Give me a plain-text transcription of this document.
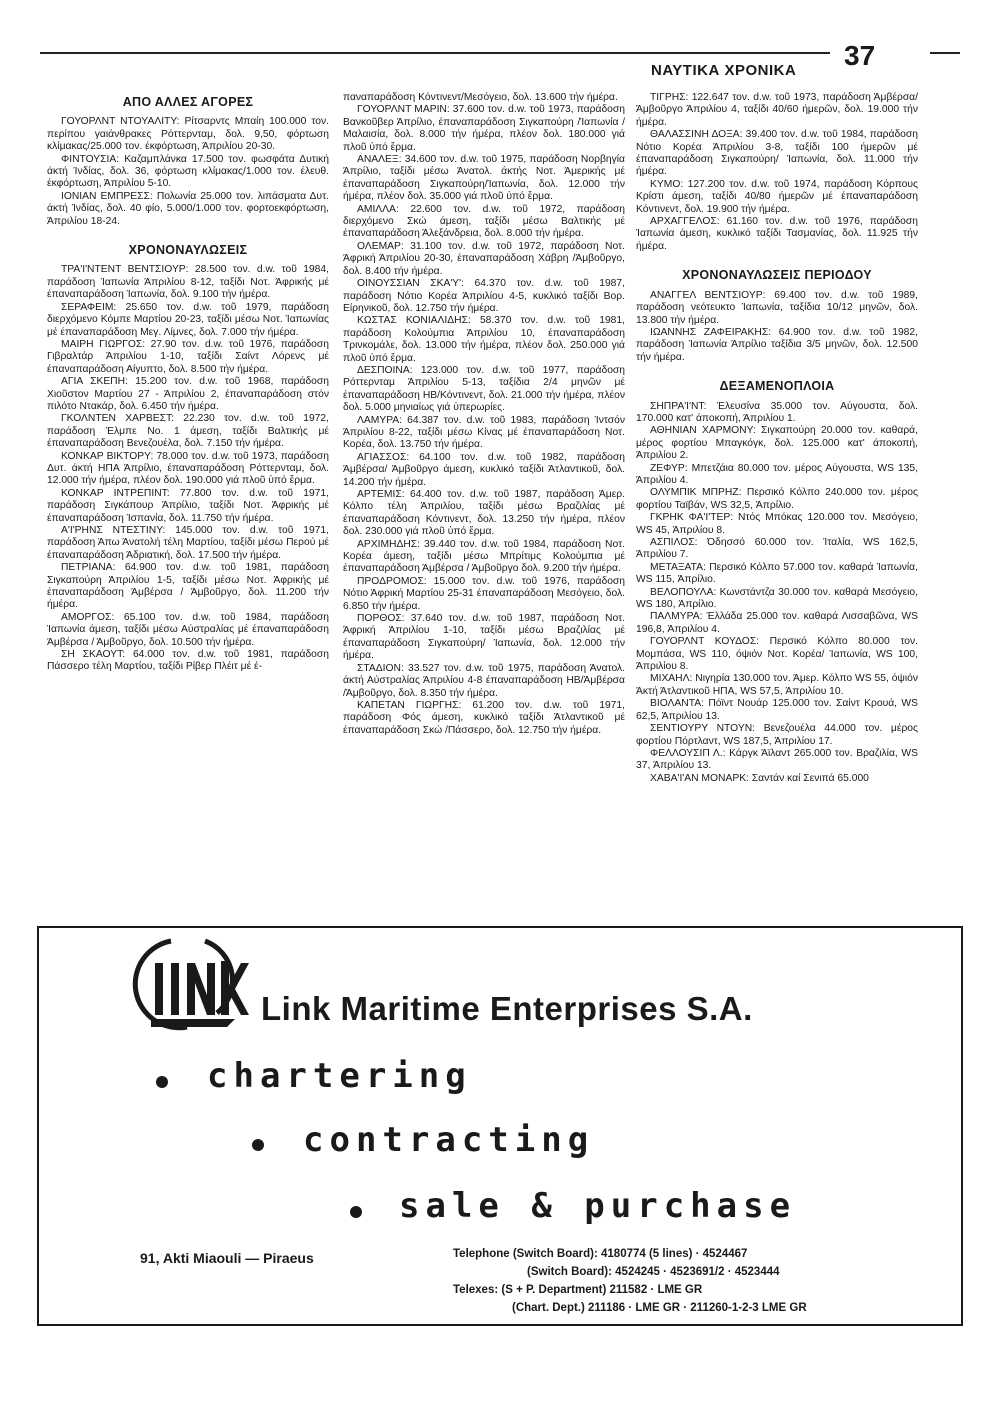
ΝΑΥΤΙΚΑ ΧΡΟΝΙΚΑ 37
ΑΠΟ ΑΛΛΕΣ ΑΓΟΡΕΣ

ΓΟΥΟΡΛΝΤ ΝΤΟΥΑΛΙΤΥ: Ρίτσαρντς Μπαίη 100.000 τον. περίπου γαιάνθρακες Ρόττερνταμ, δολ. 9,50, φόρτωση κλίμακας/25.000 τον. έκφόρτωση, Άπριλίου 20-30.

ΦΙΝΤΟΥΣΙΑ: Καζαμπλάνκα 17.500 τον. φωσφάτα Δυτική άκτή Ίνδίας, δολ. 36, φόρτωση κλίμακας/1.000 τον. έλευθ. έκφόρτωση, Άπριλίου 5-10.

ΙΟΝΙΑΝ ΕΜΠΡΕΣΣ: Πολωνία 25.000 τον. λιπάσματα Δυτ. άκτή Ίνδίας, δολ. 40 φίο, 5.000/1.000 τον. φορτοεκφόρτωση, Άπριλίου 18-24.

ΧΡΟΝΟΝΑΥΛΩΣΕΙΣ

ΤΡΑ'Ι'ΝΤΕΝΤ ΒΕΝΤΣΙΟΥΡ: 28.500 τον. d.w. τοῦ 1984, παράδοση Ίαπωνία Άπριλίου 8-12, ταξίδι Νοτ. Άφρικής μέ έπαναπαράδοση Ίαπωνία, δολ. 9.100 τήν ήμέρα.

ΣΕΡΑΦΕΙΜ: 25.650 τον. d.w. τοῦ 1979, παράδοση διερχόμενο Κόμπε Μαρτίου 20-23, ταξίδι μέσω Νοτ. Ίαπωνίας μέ έπαναπαράδοση Μεγ. Λίμνες, δολ. 7.000 τήν ήμέρα.

ΜΑΙΡΗ ΓΙΩΡΓΟΣ: 27.90 τον. d.w. τοῦ 1976, παράδοση Γιβραλτάρ Άπριλίου 1-10, ταξίδι Σαίντ Λόρενς μέ έπαναπαράδοση Αίγυπτο, δολ. 8.500 τήν ήμέρα.

ΑΓΙΑ ΣΚΕΠΗ: 15.200 τον. d.w. τοῦ 1968, παράδοση Χιοῦστον Μαρτίου 27 - Άπριλίου 2, έπαναπαράδοση στόν πιλότο Ντακάρ, δολ. 6.450 τήν ήμέρα.

ΓΚΟΛΝΤΕΝ ΧΑΡΒΕΣΤ: 22.230 τον. d.w. τοῦ 1972, παράδοση Έλμπε Νο. 1 άμεση, ταξίδι Βαλτικής μέ έπαναπαράδοση Βενεζουέλα, δολ. 7.150 τήν ήμέρα.

ΚΟΝΚΑΡ ΒΙΚΤΟΡΥ: 78.000 τον. d.w. τοῦ 1973, παράδοση Δυτ. άκτή ΗΠΑ Άπρίλιο, έπαναπαράδοση Ρόττερνταμ, δολ. 12.000 τήν ήμέρα, πλέον δολ. 190.000 γιά πλοῦ ὑπό ἔρμα.

ΚΟΝΚΑΡ ΙΝΤΡΕΠΙΝΤ: 77.800 τον. d.w. τοῦ 1971, παράδοση Σιγκάπουρ Άπρίλιο, ταξίδι Νοτ. Άφρικής μέ έπαναπαράδοση Ίσπανία, δολ. 11.750 τήν ήμέρα.

Α'Ι'ΡΗΝΣ ΝΤΕΣΤΙΝΥ: 145.000 τον. d.w. τοῦ 1971, παράδοση Άπω Άνατολή τέλη Μαρτίου, ταξίδι μέσω Περού μέ έπαναπαράδοση Άδριατική, δολ. 17.500 τήν ήμέρα.

ΠΕΤΡΙΑΝΑ: 64.900 τον. d.w. τοῦ 1981, παράδοση Σιγκαπούρη Άπριλίου 1-5, ταξίδι μέσω Νοτ. Άφρικής μέ έπαναπαράδοση Άμβέρσα / Άμβοῦργο, δολ. 11.200 τήν ήμέρα.

ΑΜΟΡΓΟΣ: 65.100 τον. d.w. τοῦ 1984, παράδοση Ίαπωνία άμεση, ταξίδι μέσω Αύστραλίας μέ έπαναπαράδοση Άμβέρσα / Άμβοῦργο, δολ. 10.500 τήν ήμέρα.

ΣΗ ΣΚΑΟΥΤ: 64.000 τον. d.w. τοῦ 1981, παράδοση Πάσσερο τέλη Μαρτίου, ταξίδι Ρίβερ Πλέιτ μέ έ-

παναπαράδοση Κόντινεντ/Μεσόγειο, δολ. 13.600 τήν ήμέρα.

ΓΟΥΟΡΛΝΤ ΜΑΡΙΝ: 37.600 τον. d.w. τοῦ 1973, παράδοση Βανκοῦβερ Άπρίλιο, έπαναπαράδοση Σιγκαπούρη /Ίαπωνία / Μαλαισία, δολ. 8.000 τήν ήμέρα, πλέον δολ. 180.000 γιά πλοῦ ὑπό ἔρμα.

ΑΝΑΛΕΞ: 34.600 τον. d.w. τοῦ 1975, παράδοση Νορβηγία Άπρίλιο, ταξίδι μέσω Άνατολ. άκτής Νοτ. Άμερικής μέ έπαναπαράδοση Σιγκαπούρη/Ίαπωνία, δολ. 12.000 τήν ήμέρα, πλέον δολ. 35.000 γιά πλοῦ ὑπό ἔρμα.

ΑΜΙΛΛΑ: 22.600 τον. d.w. τοῦ 1972, παράδοση διερχόμενο Σκώ άμεση, ταξίδι μέσω Βαλτικής μέ έπαναπαράδοση Άλεξάνδρεια, δολ. 8.000 τήν ήμέρα.

ΟΛΕΜΑΡ: 31.100 τον. d.w. τοῦ 1972, παράδοση Νοτ. Άφρική Άπριλίου 20-30, έπαναπαράδοση Χάβρη /Άμβοῦργο, δολ. 8.400 τήν ήμέρα.

ΟΙΝΟΥΣΣΙΑΝ ΣΚΑ'Υ': 64.370 τον. d.w. τοῦ 1987, παράδοση Νότιο Κορέα Άπριλίου 4-5, κυκλικό ταξίδι Βορ. Είρηνικοῦ, δολ. 12.750 τήν ήμέρα.

ΚΩΣΤΑΣ ΚΟΝΙΑΛΙΔΗΣ: 58.370 τον. d.w. τοῦ 1981, παράδοση Κολούμπια Άπριλίου 10, έπαναπαράδοση Τρινκομάλε, δολ. 13.000 τήν ήμέρα, πλέον δολ. 250.000 γιά πλοῦ ὑπό ἔρμα.

ΔΕΣΠΟΙΝΑ: 123.000 τον. d.w. τοῦ 1977, παράδοση Ρόττερνταμ Άπριλίου 5-13, ταξίδια 2/4 μηνῶν μέ έπαναπαράδοση ΗΒ/Κόντινεντ, δολ. 21.000 τήν ήμέρα, πλέον δολ. 5.000 μηνιαίως γιά ὑπερωρίες.

ΛΑΜΥΡΑ: 64.387 τον. d.w. τοῦ 1983, παράδοση Ίντσόν Άπριλίου 8-22, ταξίδι μέσω Κίνας μέ έπαναπαράδοση Νοτ. Κορέα, δολ. 13.750 τήν ήμέρα.

ΑΓΙΑΣΣΟΣ: 64.100 τον. d.w. τοῦ 1982, παράδοση Άμβέρσα/ Άμβοῦργο άμεση, κυκλικό ταξίδι Άτλαντικοῦ, δολ. 14.200 τήν ήμέρα.

ΑΡΤΕΜΙΣ: 64.400 τον. d.w. τοῦ 1987, παράδοση Άμερ. Κόλπο τέλη Άπριλίου, ταξίδι μέσω Βραζιλίας μέ έπαναπαράδοση Κόντινεντ, δολ. 13.250 τήν ήμέρα, πλέον δολ. 230.000 γιά πλοῦ ὑπό ἔρμα.

ΑΡΧΙΜΗΔΗΣ: 39.440 τον. d.w. τοῦ 1984, παράδοση Νοτ. Κορέα άμεση, ταξίδι μέσω Μπρίτιμς Κολούμπια μέ έπαναπαράδοση Άμβέρσα / Άμβοῦργο δολ. 9.200 τήν ήμέρα.

ΠΡΟΔΡΟΜΟΣ: 15.000 τον. d.w. τοῦ 1976, παράδοση Νότιο Άφρική Μαρτίου 25-31 έπαναπαράδοση Μεσόγειο, δολ. 6.850 τήν ήμέρα.

ΠΟΡΘΟΣ: 37.640 τον. d.w. τοῦ 1987, παράδοση Νοτ. Άφρική Άπριλίου 1-10, ταξίδι μέσω Βραζιλίας μέ έπαναπαράδοση Σιγκαπούρη/ Ίαπωνία, δολ. 12.000 τήν ήμέρα.

ΣΤΑΔΙΟΝ: 33.527 τον. d.w. τοῦ 1975, παράδοση Άνατολ. άκτή Αύστραλίας Άπριλίου 4-8 έπαναπαράδοση ΗΒ/Άμβέρσα /Άμβοῦργο, δολ. 8.350 τήν ήμέρα.

ΚΑΠΕΤΑΝ ΓΙΩΡΓΗΣ: 61.200 τον. d.w. τοῦ 1971, παράδοση Φός άμεση, κυκλικό ταξίδι Άτλαντικοῦ μέ έπαναπαράδοση Σκώ /Πάσσερο, δολ. 12.750 τήν ήμέρα.

ΤΙΓΡΗΣ: 122.647 τον. d.w. τοῦ 1973, παράδοση Άμβέρσα/Άμβοῦργο Άπριλίου 4, ταξίδι 40/60 ήμερῶν, δολ. 19.000 τήν ήμέρα.

ΘΑΛΑΣΣΙΝΗ ΔΟΞΑ: 39.400 τον. d.w. τοῦ 1984, παράδοση Νότιο Κορέα Άπριλίου 3-8, ταξίδι 100 ήμερῶν μέ έπαναπαράδοση Σιγκαπούρη/ Ίαπωνία, δολ. 11.000 τήν ήμέρα.

ΚΥΜΟ: 127.200 τον. d.w. τοῦ 1974, παράδοση Κόρπους Κρίστι άμεση, ταξίδι 40/80 ήμερῶν μέ έπαναπαράδοση Κόντινεντ, δολ. 19.900 τήν ήμέρα.

ΑΡΧΑΓΓΕΛΟΣ: 61.160 τον. d.w. τοῦ 1976, παράδοση Ίαπωνία άμεση, κυκλικό ταξίδι Τασμανίας, δολ. 11.925 τήν ήμέρα.

ΧΡΟΝΟΝΑΥΛΩΣΕΙΣ ΠΕΡΙΟΔΟΥ

ΑΝΑΓΓΕΛ ΒΕΝΤΣΙΟΥΡ: 69.400 τον. d.w. τοῦ 1989, παράδοση νεότευκτο Ίαπωνία, ταξίδια 10/12 μηνῶν, δολ. 13.800 τήν ήμέρα.

ΙΩΑΝΝΗΣ ΖΑΦΕΙΡΑΚΗΣ: 64.900 τον. d.w. τοῦ 1982, παράδοση Ίαπωνία Άπρίλιο ταξίδια 3/5 μηνῶν, δολ. 12.500 τήν ήμέρα.

ΔΕΞΑΜΕΝΟΠΛΟΙΑ

ΣΗΠΡΑ'Ι'ΝΤ: Έλευσίνα 35.000 τον. Αύγουστα, δολ. 170.000 κατ' άποκοπή, Άπριλίου 1.

ΑΘΗΝΙΑΝ ΧΑΡΜΟΝΥ: Σιγκαπούρη 20.000 τον. καθαρά, μέρος φορτίου Μπαγκόγκ, δολ. 125.000 κατ' άποκοπή, Άπριλίου 2.

ΖΕΦΥΡ: Μπετζάια 80.000 τον. μέρος Αύγουστα, WS 135, Άπριλίου 4.

ΟΛΥΜΠΙΚ ΜΠΡΗΖ: Περσικό Κόλπο 240.000 τον. μέρος φορτίου Ταϊβάν, WS 32,5, Άπρίλιο.

ΓΚΡΗΚ ΦΑ'Ι'ΤΕΡ: Ντός Μπόκας 120.000 τον. Μεσόγειο, WS 45, Άπριλίου 8.

ΑΣΠΙΛΟΣ: Όδησσό 60.000 τον. Ίταλία, WS 162,5, Άπριλίου 7.

ΜΕΤΑΞΑΤΑ: Περσικό Κόλπο 57.000 τον. καθαρά Ίαπωνία, WS 115, Άπρίλιο.

ΒΕΛΟΠΟΥΛΑ: Κωνστάντζα 30.000 τον. καθαρά Μεσόγειο, WS 180, Άπρίλιο.

ΠΑΛΜΥΡΑ: Έλλάδα 25.000 τον. καθαρά Λισσαβῶνα, WS 196,8, Άπριλίου 4.

ΓΟΥΟΡΛΝΤ ΚΟΥΔΟΣ: Περσικό Κόλπο 80.000 τον. Μομπάσα, WS 110, όψιόν Νοτ. Κορέα/ Ίαπωνία, WS 100, Άπριλίου 8.

ΜΙΧΑΗΛ: Νιγηρία 130.000 τον. Άμερ. Κόλπο WS 55, όψιόν Άκτή Άτλαντικοῦ ΗΠΑ, WS 57,5, Άπριλίου 10.

ΒΙΟΛΑΝΤΑ: Πόϊντ Νουάρ 125.000 τον. Σαίντ Κρουά, WS 62,5, Άπριλίου 13.

ΣΕΝΤΙΟΥΡΥ ΝΤΟΥΝ: Βενεζουέλα 44.000 τον. μέρος φορτίου Πόρτλαντ, WS 187,5, Άπριλίου 17.

ΦΕΛΛΟΥΣΙΠ Λ.: Κάργκ Άϊλαντ 265.000 τον. Βραζιλία, WS 37, Άπριλίου 13.

ΧΑΒΑ'Ι'ΑΝ ΜΟΝΑΡΚ: Σαντάν καί Σενιπά 65.000

Link Maritime Enterprises S.A.
chartering
contracting
sale & purchase
91, Akti Miaouli — Piraeus	Telephone (Switch Board): 4180774 (5 lines) · 4524467
(Switch Board): 4524245 · 4523691/2 · 4523444
Telexes: (S + P. Department) 211582 · LME GR
(Chart. Dept.) 211186 · LME GR · 211260-1-2-3 LME GR
